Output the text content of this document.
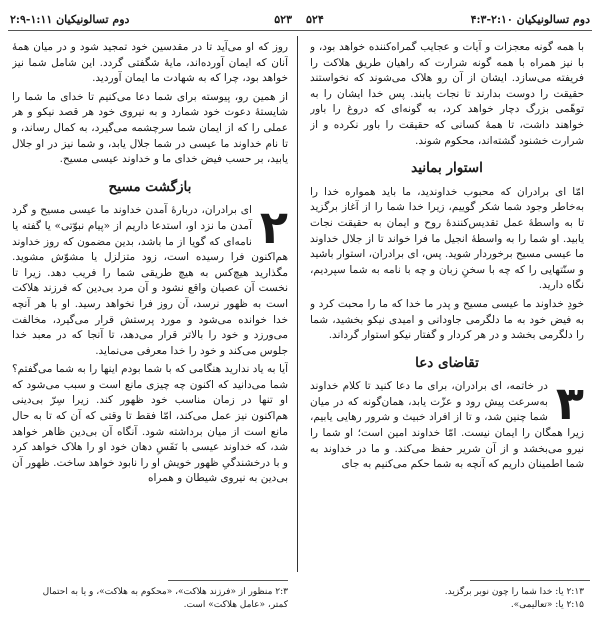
دوم تسالونیکیان ۲:۱۰-۴:۳
۵۲۴
۵۲۳
دوم تسالونیکیان ۱:۱۱-۲:۹

با همه گونه معجزات و آیات و عجایب گمراه‌کننده خواهد بود، و با نیز همراه با همه گونه شرارت که راهیان طریق هلاکت را فریفته می‌سازد. ایشان از آن رو هلاک می‌شوند که نخواستند حقیقت را دوست بدارند تا نجات یابند. پس خدا ایشان را به توهّمی بزرگ دچار خواهد کرد، به گونه‌ای که دروغ را باور خواهند داشت، تا همهٔ کسانی که حقیقت را باور نکرده و از شرارت خشنود گشته‌اند، محکوم شوند.

استوار بمانید

امّا ای برادران که محبوب خداوندید، ما باید همواره خدا را به‌خاطر وجود شما شکر گوییم، زیرا خدا شما را از آغاز برگزید تا به واسطهٔ عمل تقدیس‌کنندهٔ روح و ایمان به حقیقت نجات یابید. او شما را به واسطهٔ انجیل ما فرا خواند تا از جلال خداوند ما عیسی مسیح برخوردار شوید. پس، ای برادران، استوار باشید و سنّتهایی را که چه با سخنِ زبان و چه با نامه به شما سپردیم، نگاه دارید.

خودِ خداوند ما عیسی مسیح و پدر ما خدا که ما را محبت کرد و به فیض خود به ما دلگرمی جاودانی و امیدی نیکو بخشید، شما را دلگرمی بخشد و در هر کردار و گفتار نیکو استوار گرداند.

تقاضای دعا

۳
در خاتمه، ای برادران، برای ما دعا کنید تا کلام خداوند به‌سرعت پیش رود و عزّت یابد، همان‌گونه که در میان شما چنین شد، و تا از افراد خبیث و شرور رهایی یابیم، زیرا همگان را ایمان نیست. امّا خداوند امین است؛ او شما را نیرو می‌بخشد و از آن شریر حفظ می‌کند. و ما در خداوند به شما اطمینان داریم که آنچه به شما حکم می‌کنیم به جای

روز که او می‌آید تا در مقدسین خود تمجید شود و در میان همهٔ آنان که ایمان آورده‌اند، مایهٔ شگفتی گردد. این شامل شما نیز خواهد بود، چرا که به شهادت ما ایمان آوردید.

از همین رو، پیوسته برای شما دعا می‌کنیم تا خدای ما شما را شایستهٔ دعوت خود شمارد و به نیروی خود هر قصد نیکو و هر عملی را که از ایمان شما سرچشمه می‌گیرد، به کمال رساند، و تا نام خداوند ما عیسی در شما جلال یابد، و شما نیز در او جلال یابید، بر حسب فیض خدای ما و خداوند عیسی مسیح.

بازگشت مسیح

۲
ای برادران، دربارهٔ آمدن خداوند ما عیسی مسیح و گرد آمدن ما نزد او، استدعا داریم از «پیام نبوّتی» یا گفته یا نامه‌ای که گویا از ما باشد، بدین مضمون که روز خداوند هم‌اکنون فرا رسیده است، زود متزلزل یا مشوّش مشوید. مگذارید هیچ‌کس به هیچ طریقی شما را فریب دهد. زیرا تا نخست آن عصیان واقع نشود و آن مرد بی‌دین که فرزند هلاکت است به ظهور نرسد، آن روز فرا نخواهد رسید. او با هر آنچه خدا خوانده می‌شود و مورد پرستش قرار می‌گیرد، مخالفت می‌ورزد و خود را بالاتر قرار می‌دهد، تا آنجا که در معبد خدا جلوس می‌کند و خود را خدا معرفی می‌نماید.

آیا به یاد ندارید هنگامی که با شما بودم اینها را به شما می‌گفتم؟ شما می‌دانید که اکنون چه چیزی مانع است و سبب می‌شود که او تنها در زمان مناسب خود ظهور کند. زیرا سِرّ بی‌دینی هم‌اکنون نیز عمل می‌کند، امّا فقط تا وقتی که آن که تا به حال مانع است از میان برداشته شود. آنگاه آن بی‌دین ظاهر خواهد شد، که خداوند عیسی با نَفَسِ دهان خود او را هلاک خواهد کرد و با درخشندگیِ ظهور خویش او را نابود خواهد ساخت. ظهور آن بی‌دین به نیروی شیطان و همراه

۲:۳ منظور از «فرزند هلاکت»، «محکوم به هلاکت»، و یا به احتمال
کمتر، «عامل هلاکت» است.
۲:۱۳ یا: خدا شما را چون نوبر برگزید.
۲:۱۵ یا: «تعالیمی».
